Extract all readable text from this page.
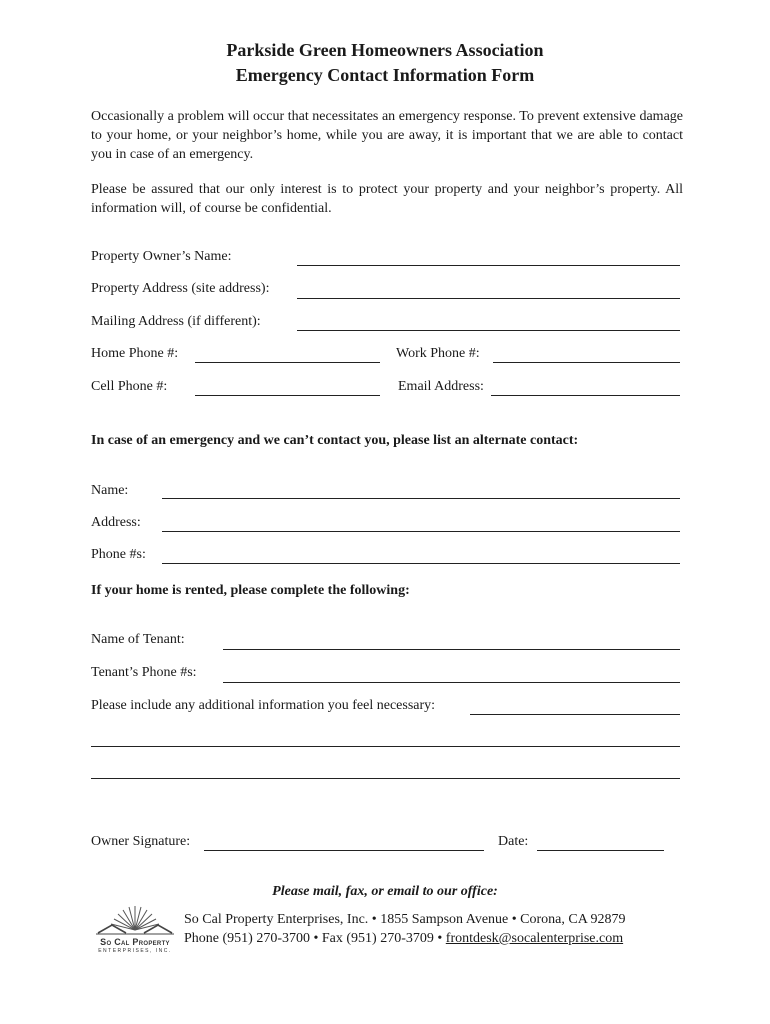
Parkside Green Homeowners Association
Emergency Contact Information Form
Occasionally a problem will occur that necessitates an emergency response. To prevent extensive damage to your home, or your neighbor’s home, while you are away, it is important that we are able to contact you in case of an emergency.
Please be assured that our only interest is to protect your property and your neighbor’s property. All information will, of course be confidential.
Property Owner’s Name:
Property Address (site address):
Mailing Address (if different):
Home Phone #:	Work Phone #:
Cell Phone #:	Email Address:
In case of an emergency and we can’t contact you, please list an alternate contact:
Name:
Address:
Phone #s:
If your home is rented, please complete the following:
Name of Tenant:
Tenant’s Phone #s:
Please include any additional information you feel necessary:
Owner Signature:	Date:
Please mail, fax, or email to our office:
So Cal Property
ENTERPRISES, INC.
So Cal Property Enterprises, Inc. • 1855 Sampson Avenue • Corona, CA 92879
Phone (951) 270-3700 • Fax (951) 270-3709 • frontdesk@socalenterprise.com
